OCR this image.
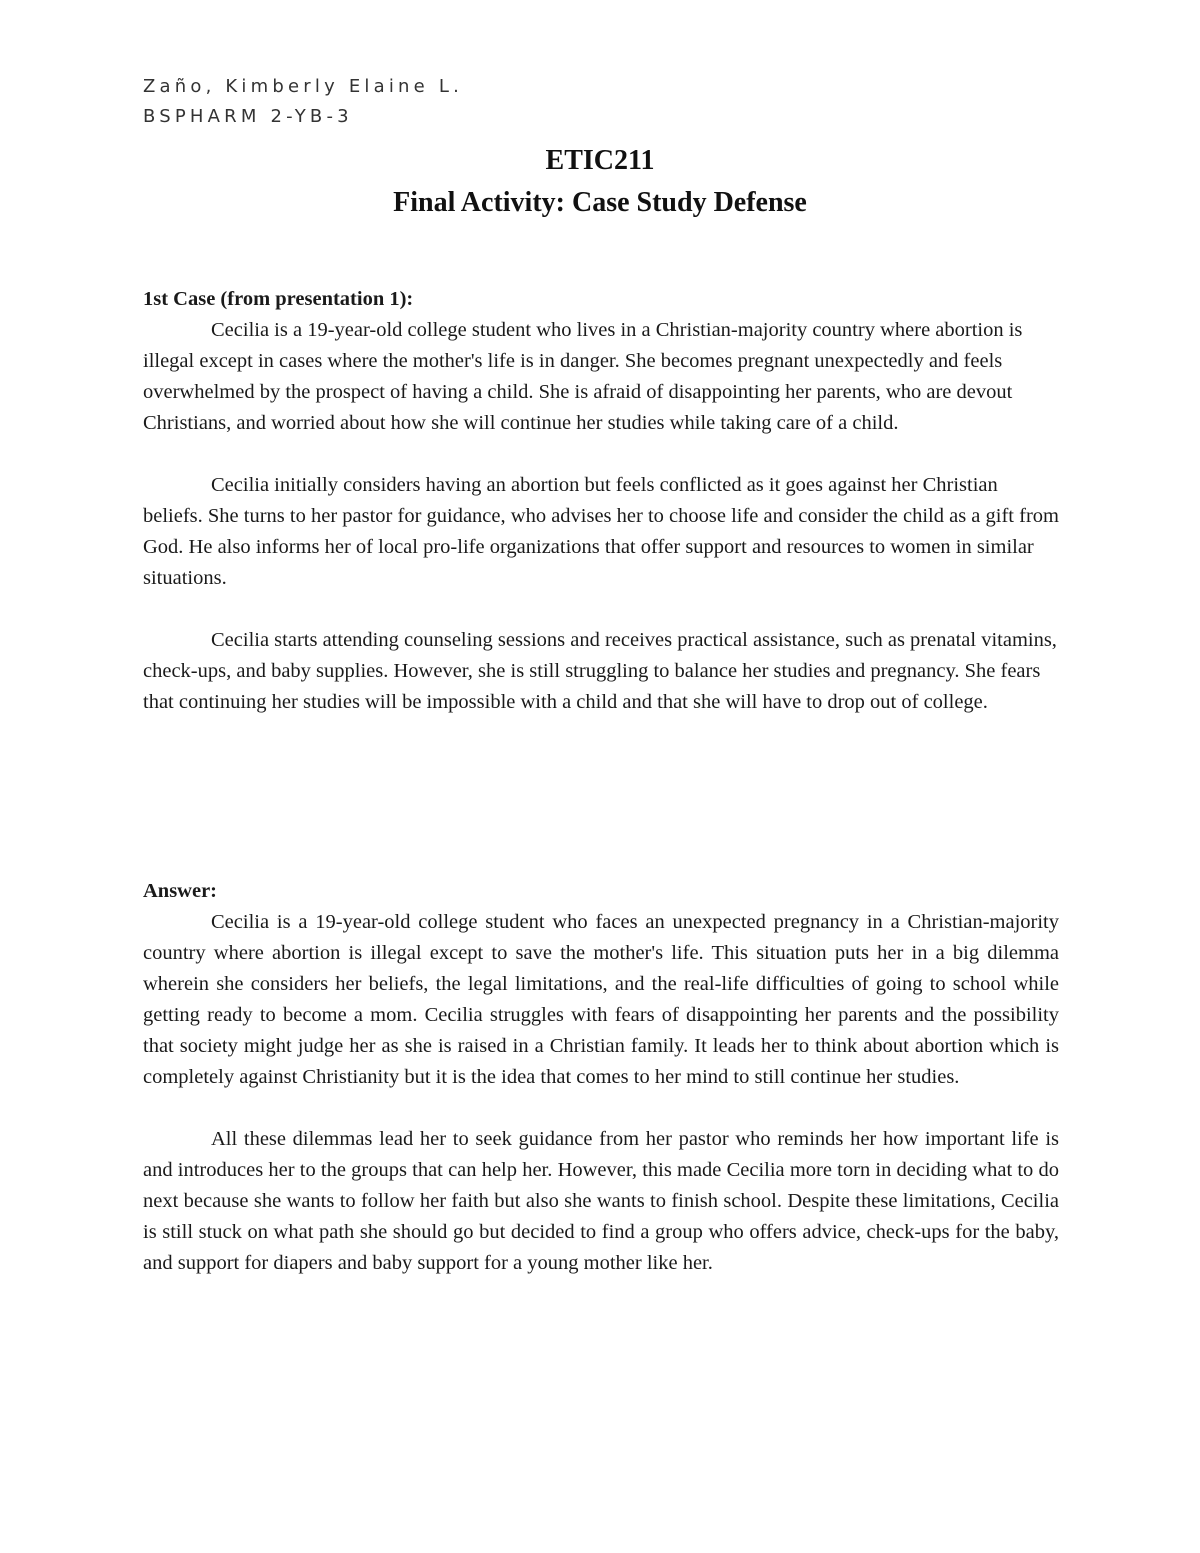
Zaño, Kimberly Elaine L.
BSPHARM 2-YB-3
ETIC211
Final Activity: Case Study Defense

1st Case (from presentation 1):

Cecilia is a 19-year-old college student who lives in a Christian-majority country where abortion is illegal except in cases where the mother's life is in danger. She becomes pregnant unexpectedly and feels overwhelmed by the prospect of having a child. She is afraid of disappointing her parents, who are devout Christians, and worried about how she will continue her studies while taking care of a child.

Cecilia initially considers having an abortion but feels conflicted as it goes against her Christian beliefs. She turns to her pastor for guidance, who advises her to choose life and consider the child as a gift from God. He also informs her of local pro-life organizations that offer support and resources to women in similar situations.

Cecilia starts attending counseling sessions and receives practical assistance, such as prenatal vitamins, check-ups, and baby supplies. However, she is still struggling to balance her studies and pregnancy. She fears that continuing her studies will be impossible with a child and that she will have to drop out of college.

Answer:

Cecilia is a 19-year-old college student who faces an unexpected pregnancy in a Christian-majority country where abortion is illegal except to save the mother's life. This situation puts her in a big dilemma wherein she considers her beliefs, the legal limitations, and the real-life difficulties of going to school while getting ready to become a mom. Cecilia struggles with fears of disappointing her parents and the possibility that society might judge her as she is raised in a Christian family. It leads her to think about abortion which is completely against Christianity but it is the idea that comes to her mind to still continue her studies.

All these dilemmas lead her to seek guidance from her pastor who reminds her how important life is and introduces her to the groups that can help her. However, this made Cecilia more torn in deciding what to do next because she wants to follow her faith but also she wants to finish school. Despite these limitations, Cecilia is still stuck on what path she should go but decided to find a group who offers advice, check-ups for the baby, and support for diapers and baby support for a young mother like her.
